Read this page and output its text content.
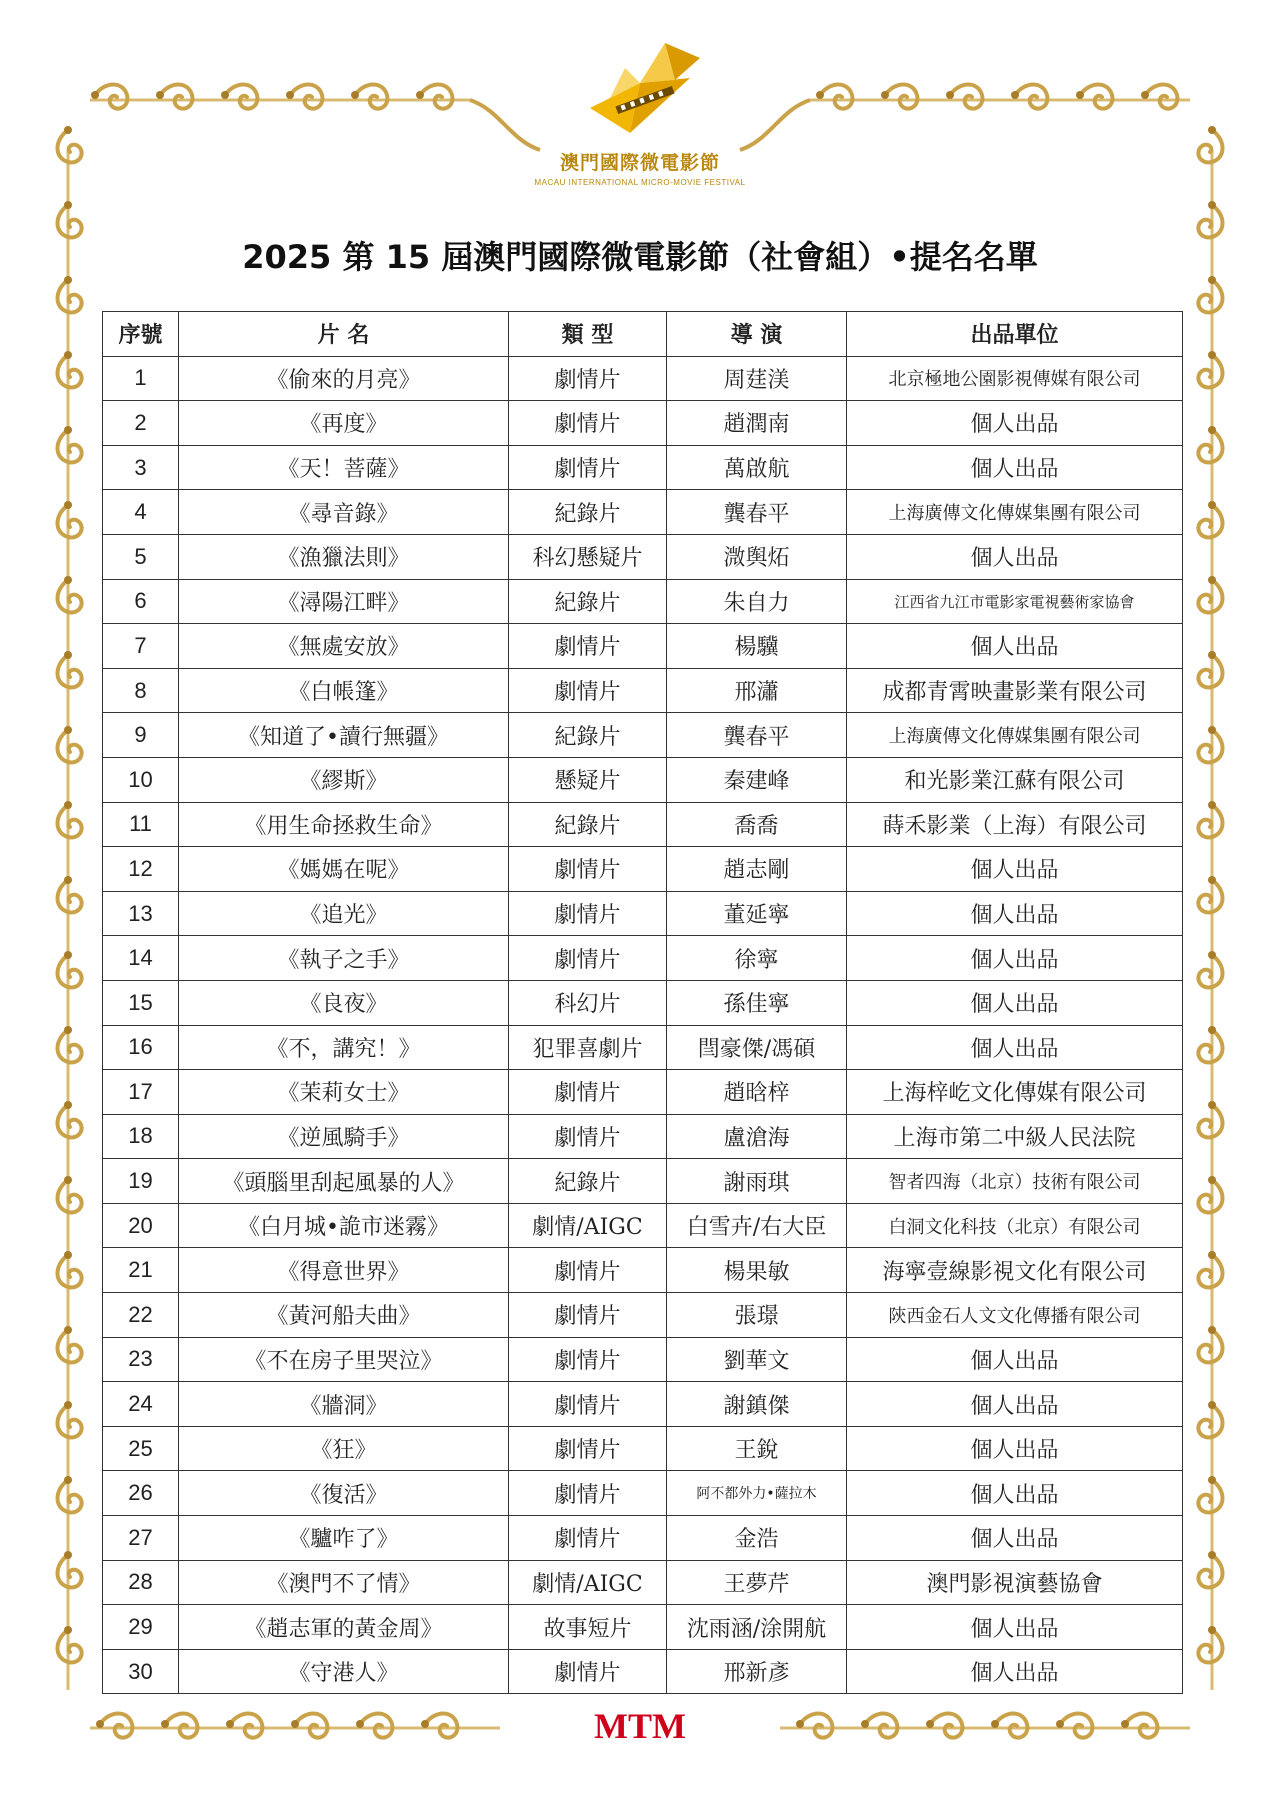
澳門國際微電影節
MACAU INTERNATIONAL MICRO-MOVIE FESTIVAL
2025 第 15 屆澳門國際微電影節（社會組）•提名名單
序號	片 名	類 型	導 演	出品單位
1	《偷來的月亮》	劇情片	周莛渼	北京極地公園影視傳媒有限公司
2	《再度》	劇情片	趙潤南	個人出品
3	《天！菩薩》	劇情片	萬啟航	個人出品
4	《尋音錄》	紀錄片	龔春平	上海廣傳文化傳媒集團有限公司
5	《漁獵法則》	科幻懸疑片	溦舆炻	個人出品
6	《潯陽江畔》	紀錄片	朱自力	江西省九江市電影家電視藝術家協會
7	《無處安放》	劇情片	楊驥	個人出品
8	《白帳篷》	劇情片	邢瀟	成都青霄映畫影業有限公司
9	《知道了•讀行無疆》	紀錄片	龔春平	上海廣傳文化傳媒集團有限公司
10	《繆斯》	懸疑片	秦建峰	和光影業江蘇有限公司
11	《用生命拯救生命》	紀錄片	喬喬	蒔禾影業（上海）有限公司
12	《媽媽在呢》	劇情片	趙志剛	個人出品
13	《追光》	劇情片	董延寧	個人出品
14	《執子之手》	劇情片	徐寧	個人出品
15	《良夜》	科幻片	孫佳寧	個人出品
16	《不，講究！》	犯罪喜劇片	閆豪傑/馮碩	個人出品
17	《茉莉女士》	劇情片	趙晗梓	上海梓屹文化傳媒有限公司
18	《逆風騎手》	劇情片	盧滄海	上海市第二中級人民法院
19	《頭腦里刮起風暴的人》	紀錄片	謝雨琪	智者四海（北京）技術有限公司
20	《白月城•詭市迷霧》	劇情/AIGC	白雪卉/右大臣	白洞文化科技（北京）有限公司
21	《得意世界》	劇情片	楊果敏	海寧壹線影視文化有限公司
22	《黃河船夫曲》	劇情片	張璟	陝西金石人文文化傳播有限公司
23	《不在房子里哭泣》	劇情片	劉華文	個人出品
24	《牆洞》	劇情片	謝鎮傑	個人出品
25	《狂》	劇情片	王銳	個人出品
26	《復活》	劇情片	阿不都外力•薩拉木	個人出品
27	《驢咋了》	劇情片	金浩	個人出品
28	《澳門不了情》	劇情/AIGC	王夢芹	澳門影視演藝協會
29	《趙志軍的黃金周》	故事短片	沈雨涵/涂開航	個人出品
30	《守港人》	劇情片	邢新彥	個人出品
MTM
